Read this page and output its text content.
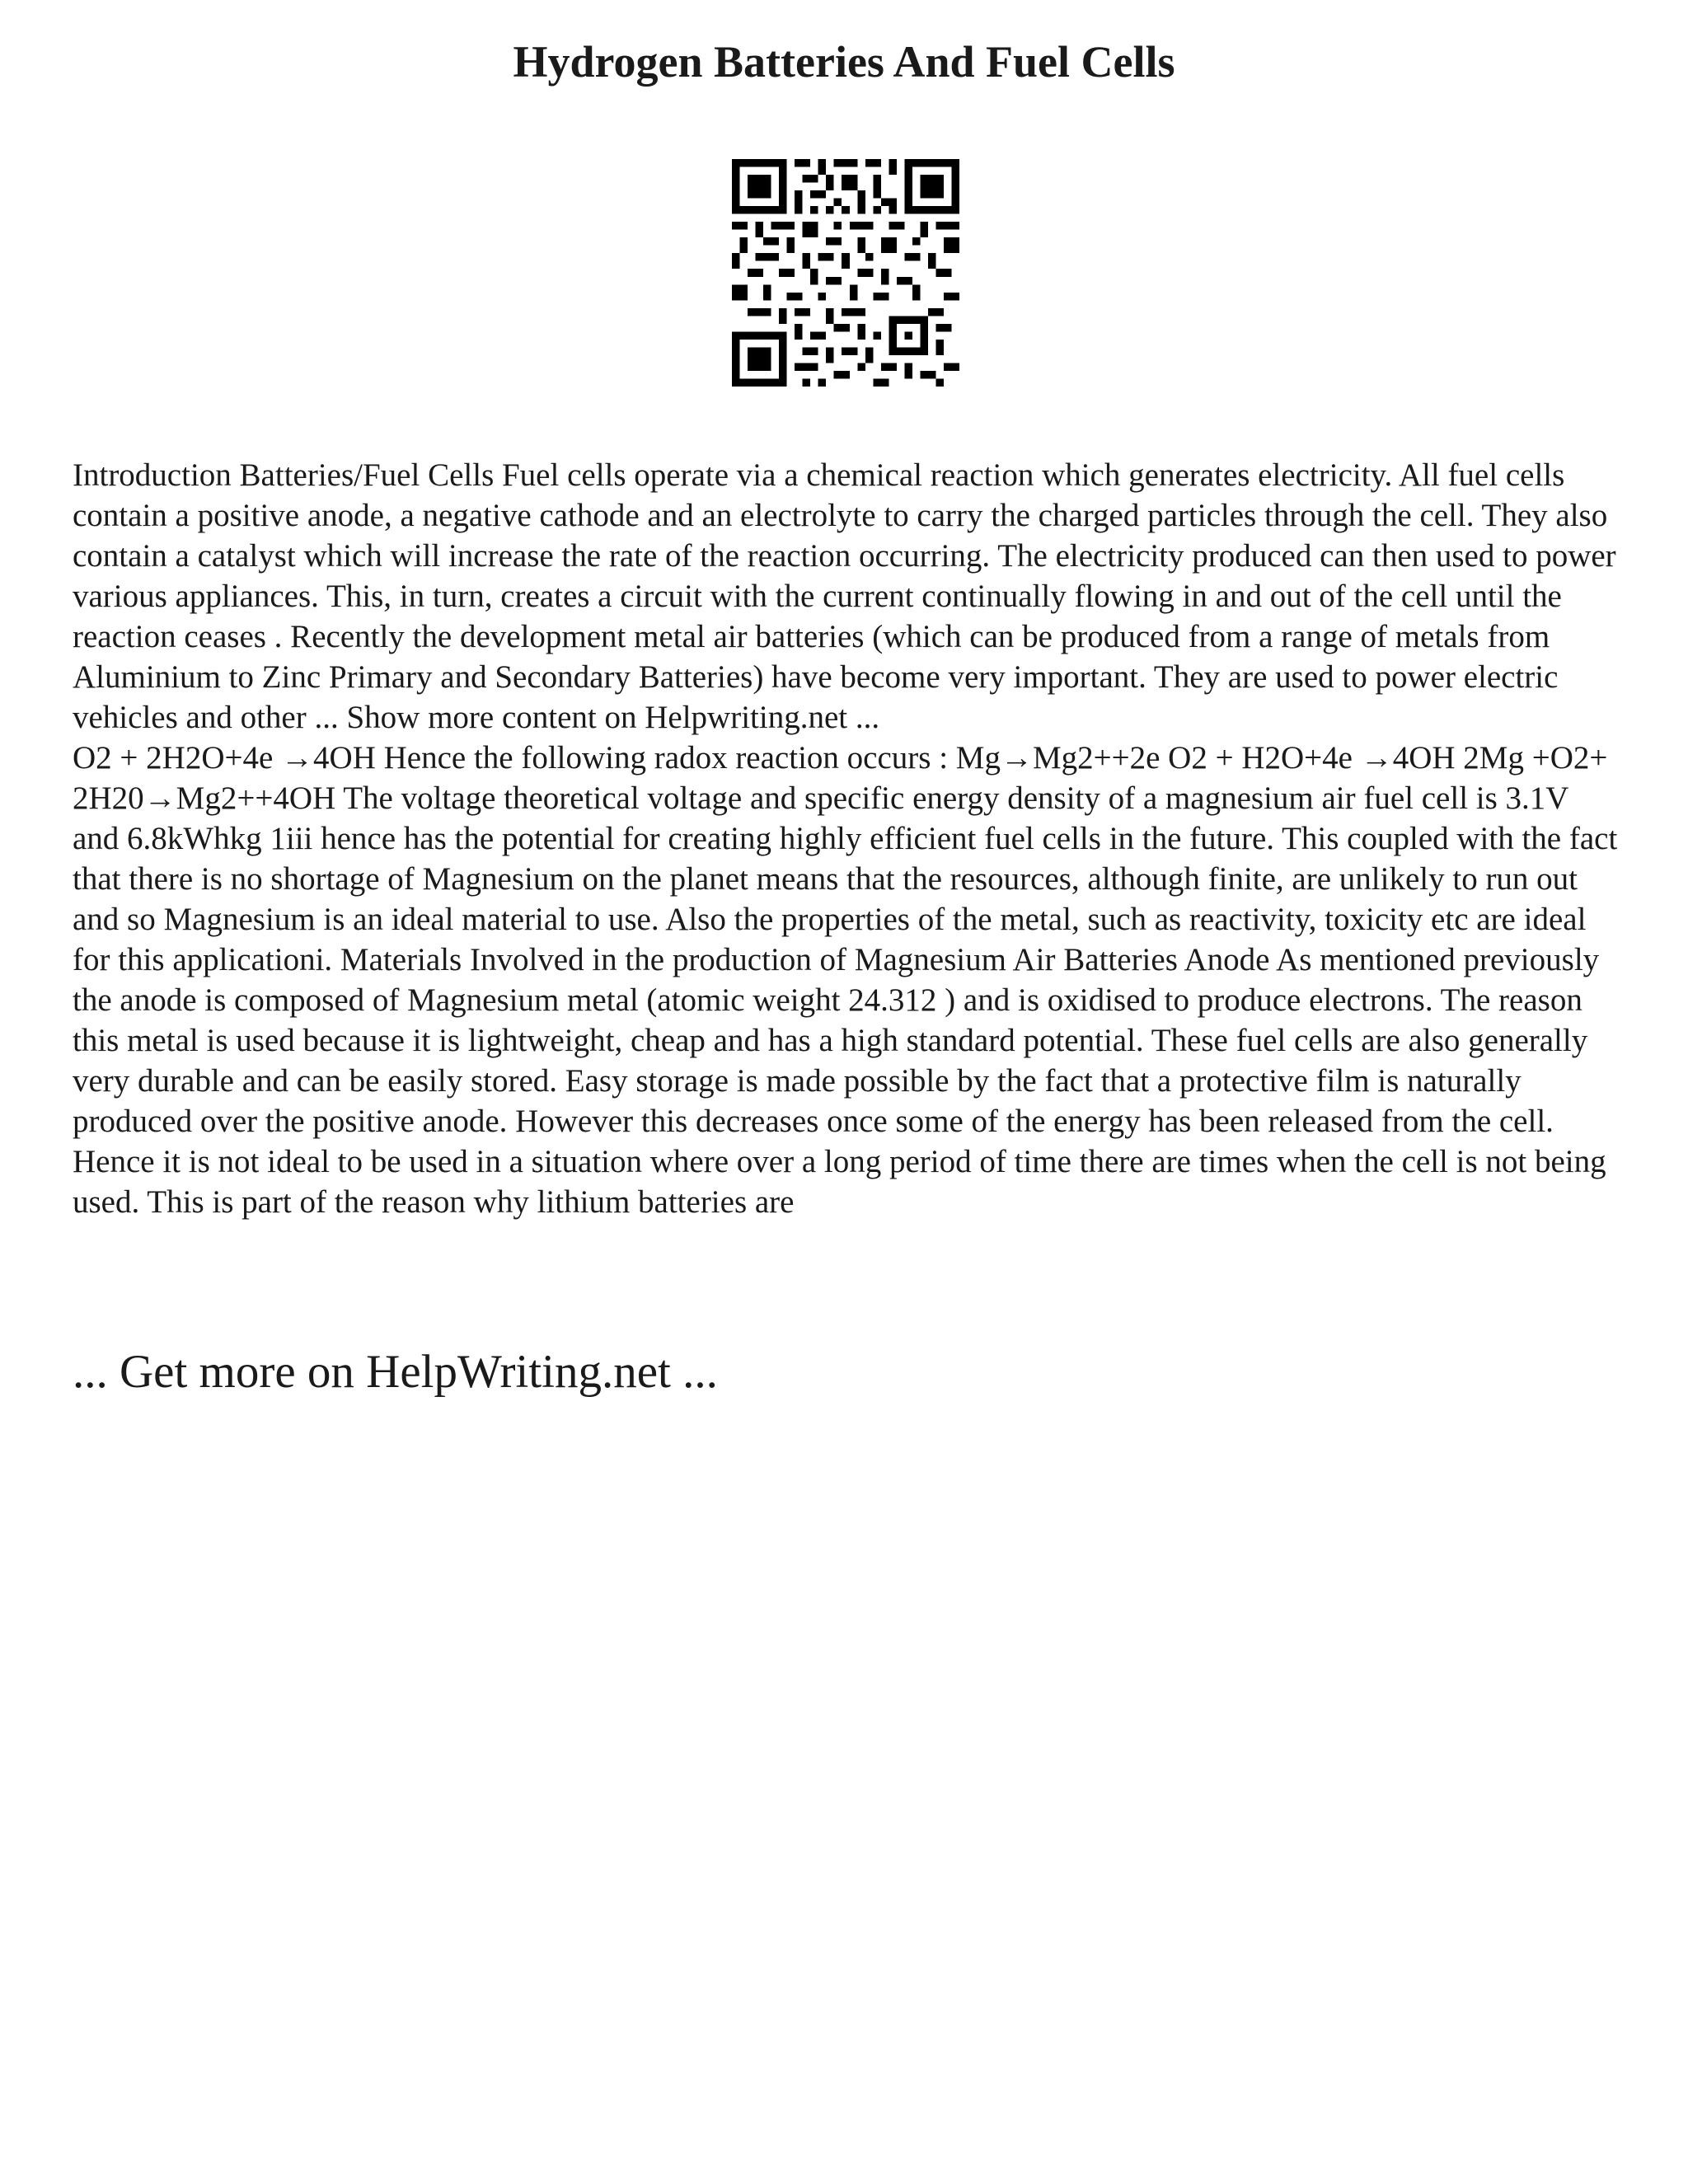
Hydrogen Batteries And Fuel Cells

Introduction Batteries/Fuel Cells Fuel cells operate via a chemical reaction which generates electricity. All fuel cells contain a positive anode, a negative cathode and an electrolyte to carry the charged particles through the cell. They also contain a catalyst which will increase the rate of the reaction occurring. The electricity produced can then used to power various appliances. This, in turn, creates a circuit with the current continually flowing in and out of the cell until the reaction ceases . Recently the development metal air batteries (which can be produced from a range of metals from Aluminium to Zinc Primary and Secondary Batteries) have become very important. They are used to power electric vehicles and other ... Show more content on Helpwriting.net ...

O2 + 2H2O+4e →4OH Hence the following radox reaction occurs : Mg→Mg2++2e O2 + H2O+4e →4OH 2Mg +O2+ 2H20→Mg2++4OH The voltage theoretical voltage and specific energy density of a magnesium air fuel cell is 3.1V and 6.8kWhkg 1iii hence has the potential for creating highly efficient fuel cells in the future. This coupled with the fact that there is no shortage of Magnesium on the planet means that the resources, although finite, are unlikely to run out and so Magnesium is an ideal material to use. Also the properties of the metal, such as reactivity, toxicity etc are ideal for this applicationi. Materials Involved in the production of Magnesium Air Batteries Anode As mentioned previously the anode is composed of Magnesium metal (atomic weight 24.312 ) and is oxidised to produce electrons. The reason this metal is used because it is lightweight, cheap and has a high standard potential. These fuel cells are also generally very durable and can be easily stored. Easy storage is made possible by the fact that a protective film is naturally produced over the positive anode. However this decreases once some of the energy has been released from the cell. Hence it is not ideal to be used in a situation where over a long period of time there are times when the cell is not being used. This is part of the reason why lithium batteries are

... Get more on HelpWriting.net ...
